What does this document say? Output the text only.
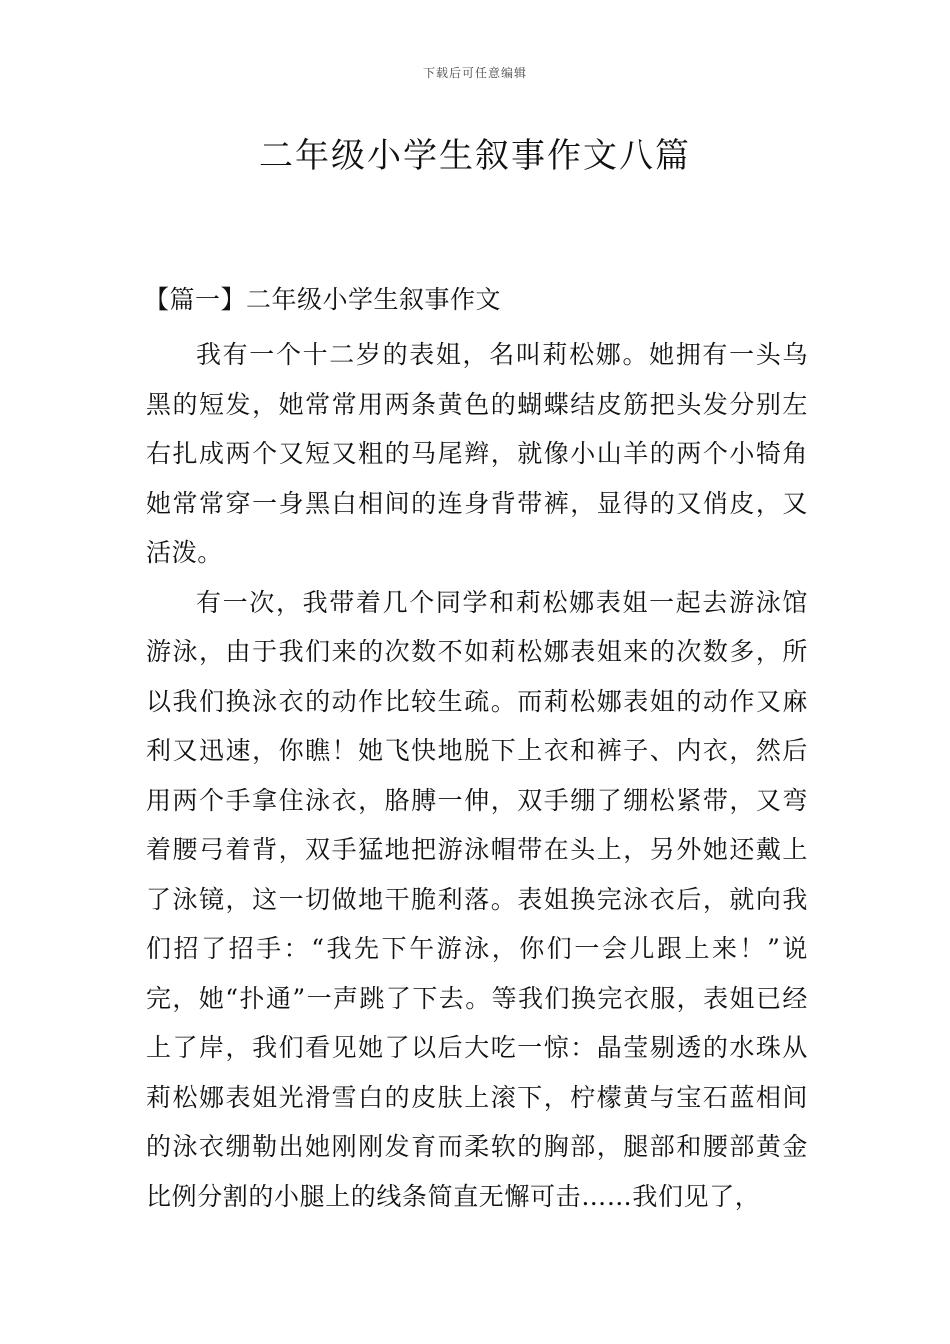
下载后可任意编辑
二年级小学生叙事作文八篇
【篇一】二年级小学生叙事作文

我有一个十二岁的表姐，名叫莉松娜。她拥有一头乌黑的短发，她常常用两条黄色的蝴蝶结皮筋把头发分别左右扎成两个又短又粗的马尾辫，就像小山羊的两个小犄角她常常穿一身黑白相间的连身背带裤，显得的又俏皮，又活泼。

有一次，我带着几个同学和莉松娜表姐一起去游泳馆游泳，由于我们来的次数不如莉松娜表姐来的次数多，所以我们换泳衣的动作比较生疏。而莉松娜表姐的动作又麻利又迅速，你瞧！她飞快地脱下上衣和裤子、内衣，然后用两个手拿住泳衣，胳膊一伸，双手绷了绷松紧带，又弯着腰弓着背，双手猛地把游泳帽带在头上，另外她还戴上了泳镜，这一切做地干脆利落。表姐换完泳衣后，就向我们招了招手：“我先下午游泳，你们一会儿跟上来！”说完，她“扑通”一声跳了下去。等我们换完衣服，表姐已经上了岸，我们看见她了以后大吃一惊：晶莹剔透的水珠从莉松娜表姐光滑雪白的皮肤上滚下，柠檬黄与宝石蓝相间的泳衣绷勒出她刚刚发育而柔软的胸部，腿部和腰部黄金比例分割的小腿上的线条简直无懈可击……我们见了，
